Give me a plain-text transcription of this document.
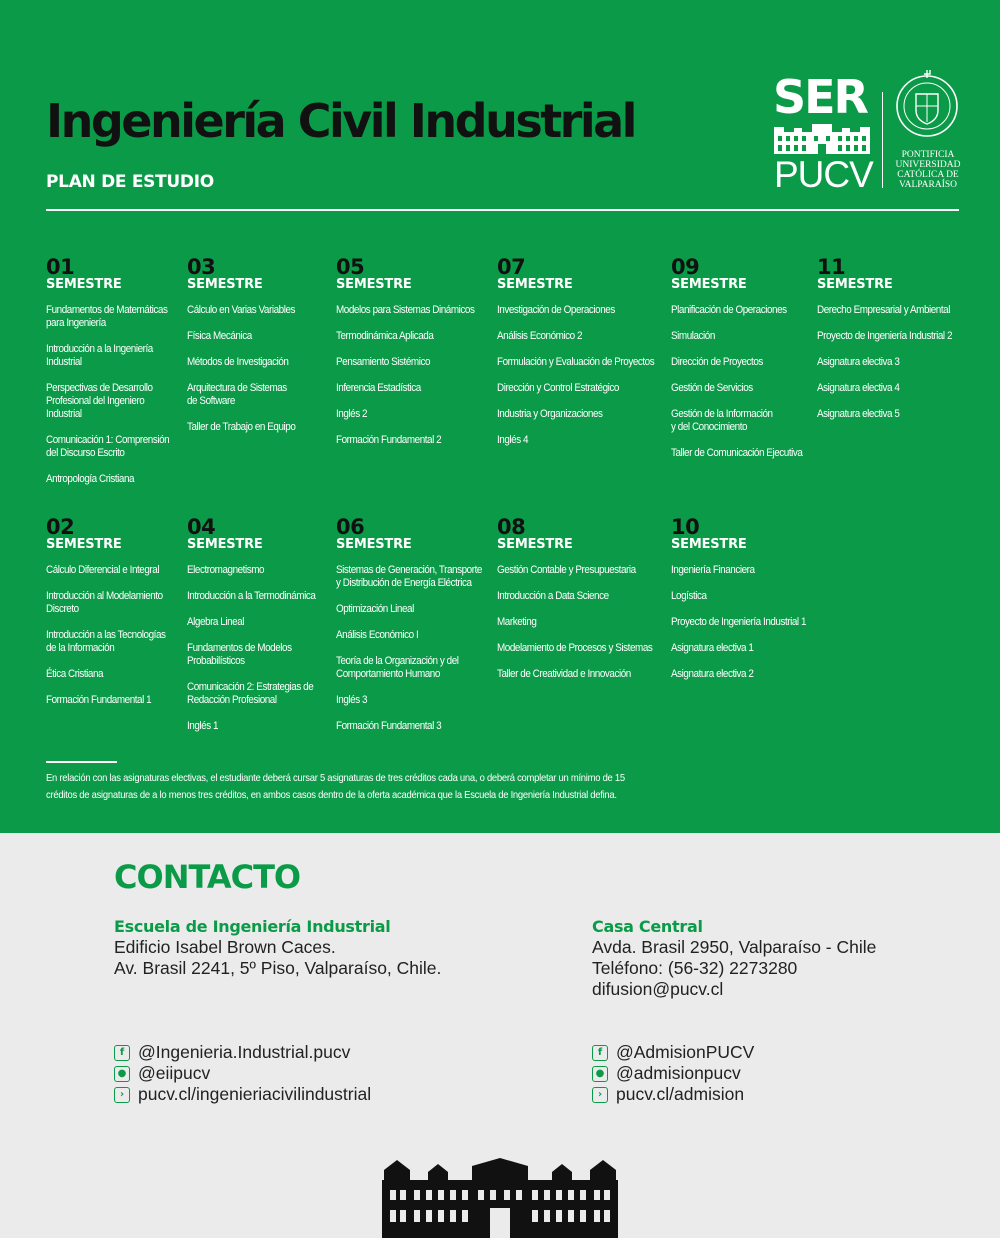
Ingeniería Civil Industrial
PLAN DE ESTUDIO
SER
PUCV	PONTIFICIA
UNIVERSIDAD
CATÓLICA DE
VALPARAÍSO
01
SEMESTRE
Fundamentos de Matemáticas
para Ingeniería
Introducción a la Ingeniería
Industrial
Perspectivas de Desarrollo
Profesional del Ingeniero
Industrial
Comunicación 1: Comprensión
del Discurso Escrito
Antropología Cristiana
03
SEMESTRE
Cálculo en Varias Variables
Física Mecánica
Métodos de Investigación
Arquitectura de Sistemas
de Software
Taller de Trabajo en Equipo
05
SEMESTRE
Modelos para Sistemas Dinámicos
Termodinámica Aplicada
Pensamiento Sistémico
Inferencia Estadística
Inglés 2
Formación Fundamental 2
07
SEMESTRE
Investigación de Operaciones
Análisis Económico 2
Formulación y Evaluación de Proyectos
Dirección y Control Estratégico
Industria y Organizaciones
Inglés 4
09
SEMESTRE
Planificación de Operaciones
Simulación
Dirección de Proyectos
Gestión de Servicios
Gestión de la Información
y del Conocimiento
Taller de Comunicación Ejecutiva
11
SEMESTRE
Derecho Empresarial y Ambiental
Proyecto de Ingeniería Industrial 2
Asignatura electiva 3
Asignatura electiva 4
Asignatura electiva 5
02
SEMESTRE
Cálculo Diferencial e Integral
Introducción al Modelamiento
Discreto
Introducción a las Tecnologías
de la Información
Ética Cristiana
Formación Fundamental 1
04
SEMESTRE
Electromagnetismo
Introducción a la Termodinámica
Algebra Lineal
Fundamentos de Modelos
Probabilísticos
Comunicación 2: Estrategias de
Redacción Profesional
Inglés 1
06
SEMESTRE
Sistemas de Generación, Transporte
y Distribución de Energía Eléctrica
Optimización Lineal
Análisis Económico I
Teoría de la Organización y del
Comportamiento Humano
Inglés 3
Formación Fundamental 3
08
SEMESTRE
Gestión Contable y Presupuestaria
Introducción a Data Science
Marketing
Modelamiento de Procesos y Sistemas
Taller de Creatividad e Innovación
10
SEMESTRE
Ingeniería Financiera
Logística
Proyecto de Ingeniería Industrial 1
Asignatura electiva 1
Asignatura electiva 2

En relación con las asignaturas electivas, el estudiante deberá cursar 5 asignaturas de tres créditos cada una, o deberá completar un mínimo de 15 créditos de asignaturas de a lo menos tres créditos, en ambos casos dentro de la oferta académica que la Escuela de Ingeniería Industrial defina.

CONTACTO
Escuela de Ingeniería Industrial

Edificio Isabel Brown Caces.

Av. Brasil 2241, 5º Piso, Valparaíso, Chile.

Casa Central

Avda. Brasil 2950, Valparaíso - Chile

Teléfono: (56-32) 2273280

difusion@pucv.cl

f @Ingenieria.Industrial.pucv
● @eiipucv
› pucv.cl/ingenieriacivilindustrial
f @AdmisionPUCV
● @admisionpucv
› pucv.cl/admision
